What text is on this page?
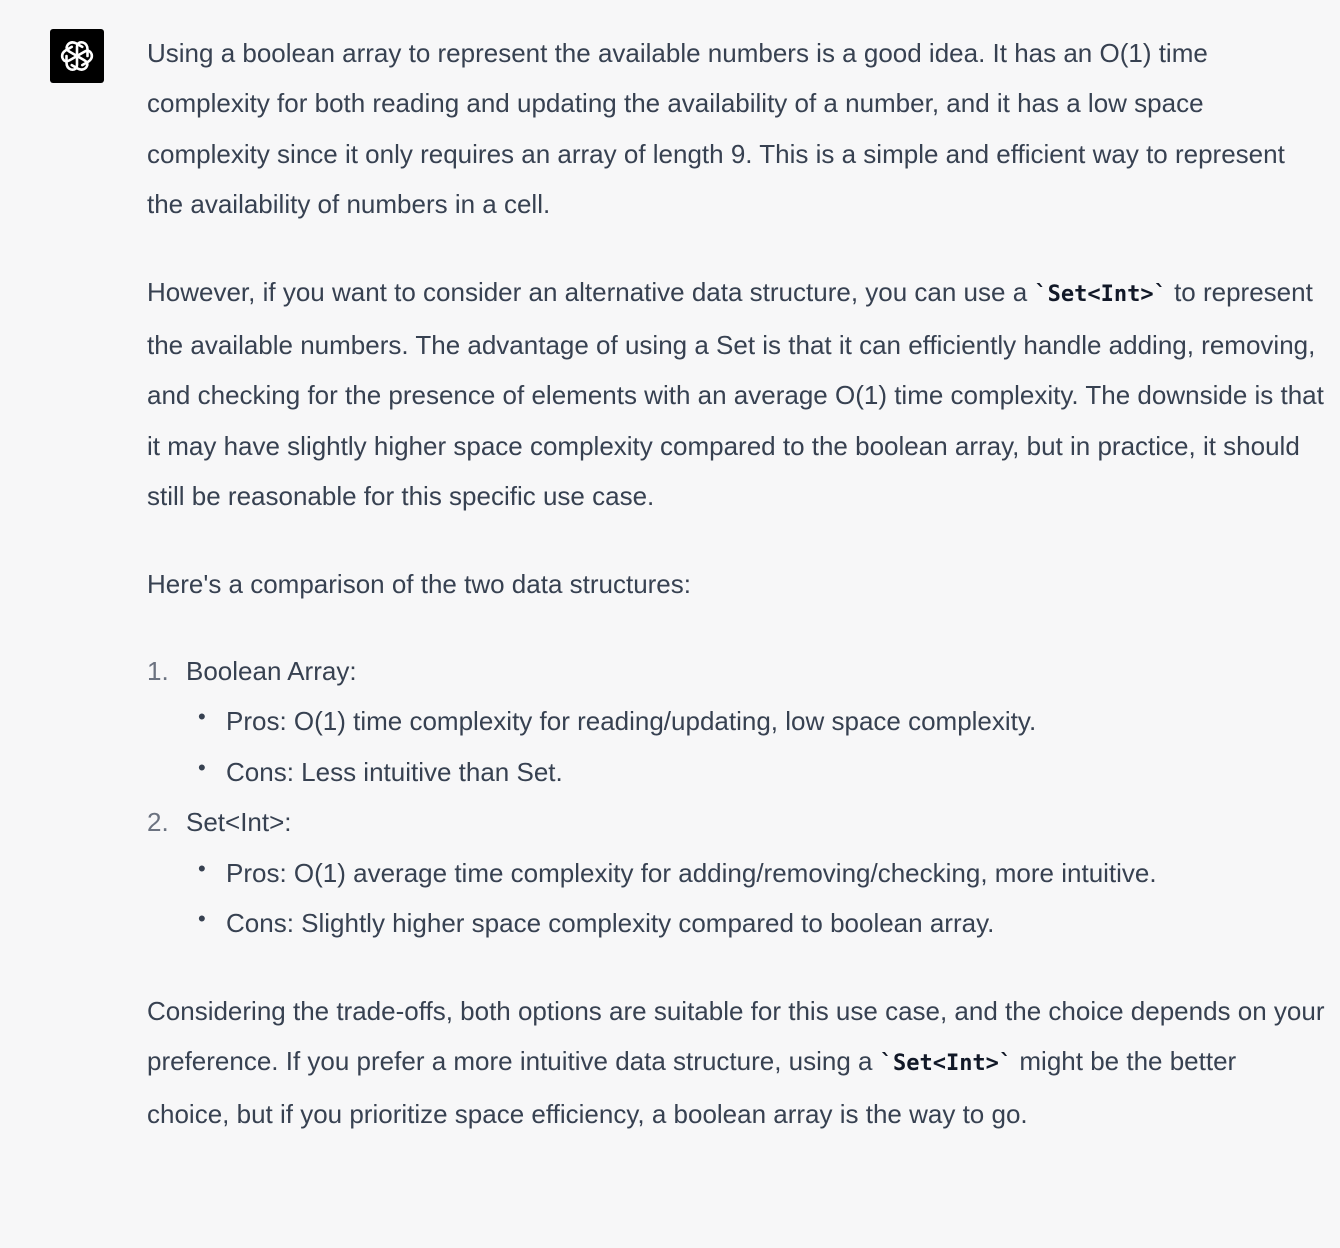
Using a boolean array to represent the available numbers is a good idea. It has an O(1) time complexity for both reading and updating the availability of a number, and it has a low space complexity since it only requires an array of length 9. This is a simple and efficient way to represent the availability of numbers in a cell.

However, if you want to consider an alternative data structure, you can use a `Set<Int>` to represent the available numbers. The advantage of using a Set is that it can efficiently handle adding, removing, and checking for the presence of elements with an average O(1) time complexity. The downside is that it may have slightly higher space complexity compared to the boolean array, but in practice, it should still be reasonable for this specific use case.

Here's a comparison of the two data structures:

1. Boolean Array:
• Pros: O(1) time complexity for reading/updating, low space complexity.
• Cons: Less intuitive than Set.
2. Set<Int>:
• Pros: O(1) average time complexity for adding/removing/checking, more intuitive.
• Cons: Slightly higher space complexity compared to boolean array.

Considering the trade-offs, both options are suitable for this use case, and the choice depends on your preference. If you prefer a more intuitive data structure, using a `Set<Int>` might be the better choice, but if you prioritize space efficiency, a boolean array is the way to go.
